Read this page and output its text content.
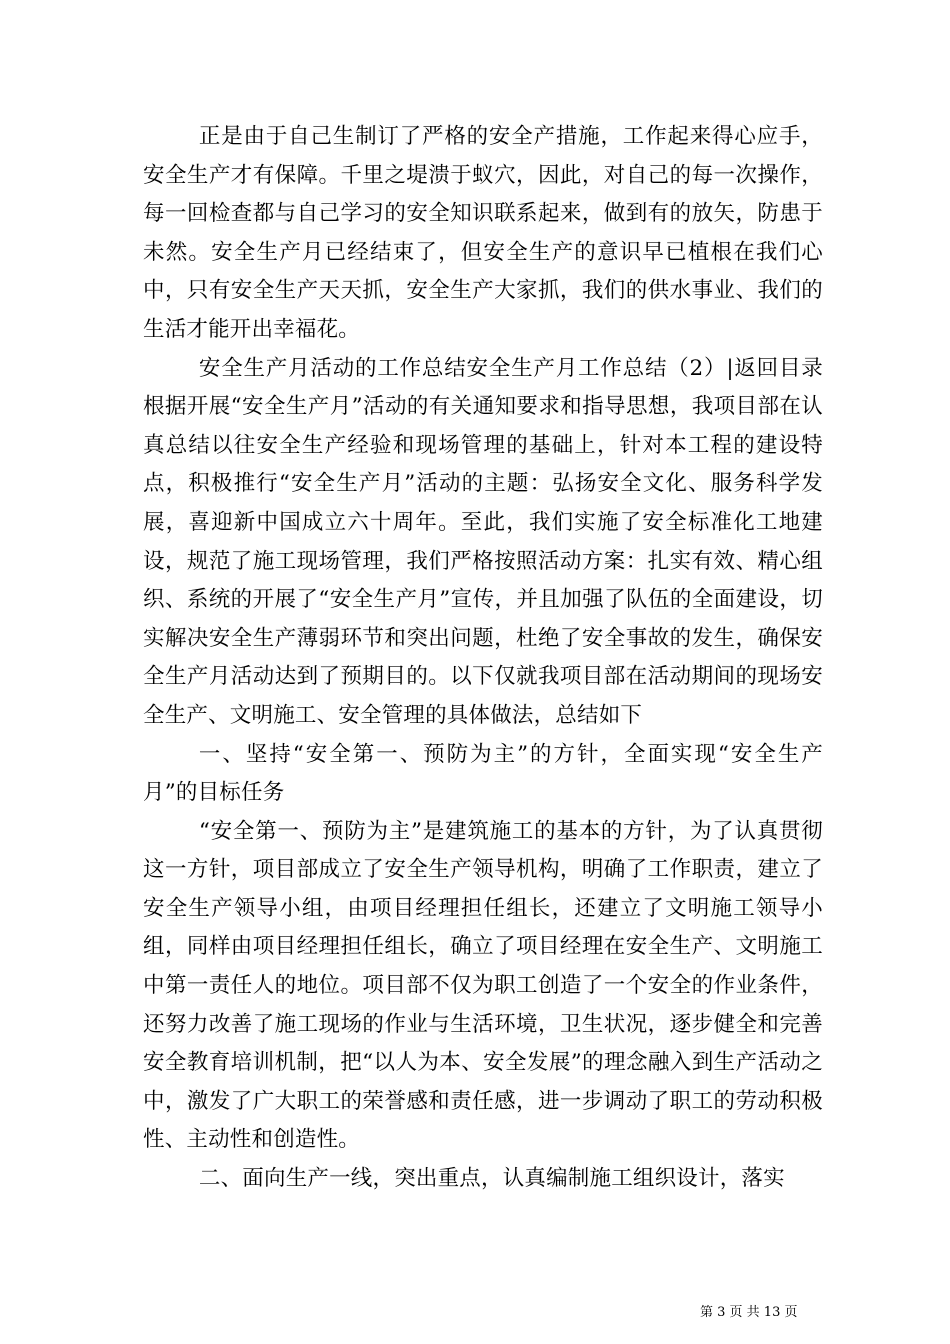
正是由于自己生制订了严格的安全产措施，工作起来得心应手，安全生产才有保障。千里之堤溃于蚁穴，因此，对自己的每一次操作，每一回检查都与自己学习的安全知识联系起来，做到有的放矢，防患于未然。安全生产月已经结束了，但安全生产的意识早已植根在我们心中，只有安全生产天天抓，安全生产大家抓，我们的供水事业、我们的生活才能开出幸福花。

安全生产月活动的工作总结安全生产月工作总结（2）|返回目录根据开展“安全生产月”活动的有关通知要求和指导思想，我项目部在认真总结以往安全生产经验和现场管理的基础上，针对本工程的建设特点，积极推行“安全生产月”活动的主题：弘扬安全文化、服务科学发展，喜迎新中国成立六十周年。至此，我们实施了安全标准化工地建设，规范了施工现场管理，我们严格按照活动方案：扎实有效、精心组织、系统的开展了“安全生产月”宣传，并且加强了队伍的全面建设，切实解决安全生产薄弱环节和突出问题，杜绝了安全事故的发生，确保安全生产月活动达到了预期目的。以下仅就我项目部在活动期间的现场安全生产、文明施工、安全管理的具体做法，总结如下

一、坚持“安全第一、预防为主”的方针，全面实现“安全生产月”的目标任务

“安全第一、预防为主”是建筑施工的基本的方针，为了认真贯彻这一方针，项目部成立了安全生产领导机构，明确了工作职责，建立了安全生产领导小组，由项目经理担任组长，还建立了文明施工领导小组，同样由项目经理担任组长，确立了项目经理在安全生产、文明施工中第一责任人的地位。项目部不仅为职工创造了一个安全的作业条件，还努力改善了施工现场的作业与生活环境，卫生状况，逐步健全和完善安全教育培训机制，把“以人为本、安全发展”的理念融入到生产活动之中，激发了广大职工的荣誉感和责任感，进一步调动了职工的劳动积极性、主动性和创造性。

二、面向生产一线，突出重点，认真编制施工组织设计，落实

第 3 页 共 13 页
